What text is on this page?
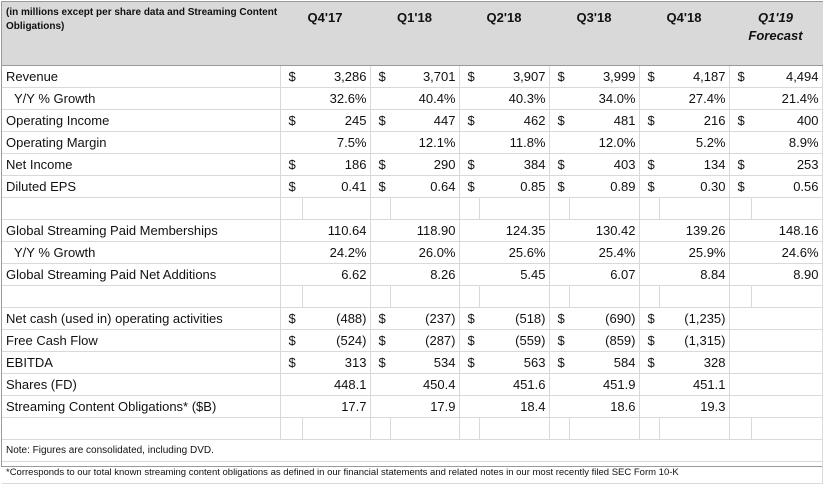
(in millions except per share data and Streaming Content Obligations)	Q4'17		Q1'18		Q2'18		Q3'18		Q4'18		Q1'19
Forecast	

Revenue	$	3,286	$	3,701	$	3,907	$	3,999	$	4,187	$	4,494
Y/Y % Growth		32.6%		40.4%		40.3%		34.0%		27.4%		21.4%
Operating Income	$	245	$	447	$	462	$	481	$	216	$	400
Operating Margin		7.5%		12.1%		11.8%		12.0%		5.2%		8.9%
Net Income	$	186	$	290	$	384	$	403	$	134	$	253
Diluted EPS	$	0.41	$	0.64	$	0.85	$	0.89	$	0.30	$	0.56

Global Streaming Paid Memberships		110.64		118.90		124.35		130.42		139.26		148.16
Y/Y % Growth		24.2%		26.0%		25.6%		25.4%		25.9%		24.6%
Global Streaming Paid Net Additions		6.62		8.26		5.45		6.07		8.84		8.90

Net cash (used in) operating activities	$	(488)	$	(237)	$	(518)	$	(690)	$	(1,235)		
Free Cash Flow	$	(524)	$	(287)	$	(559)	$	(859)	$	(1,315)		
EBITDA	$	313	$	534	$	563	$	584	$	328		
Shares (FD)		448.1		450.4		451.6		451.9		451.1		
Streaming Content Obligations* ($B)		17.7		17.9		18.4		18.6		19.3		

Note: Figures are consolidated, including DVD.												
*Corresponds to our total known streaming content obligations as defined in our financial statements and related notes in our most recently filed SEC Form 10-K												
